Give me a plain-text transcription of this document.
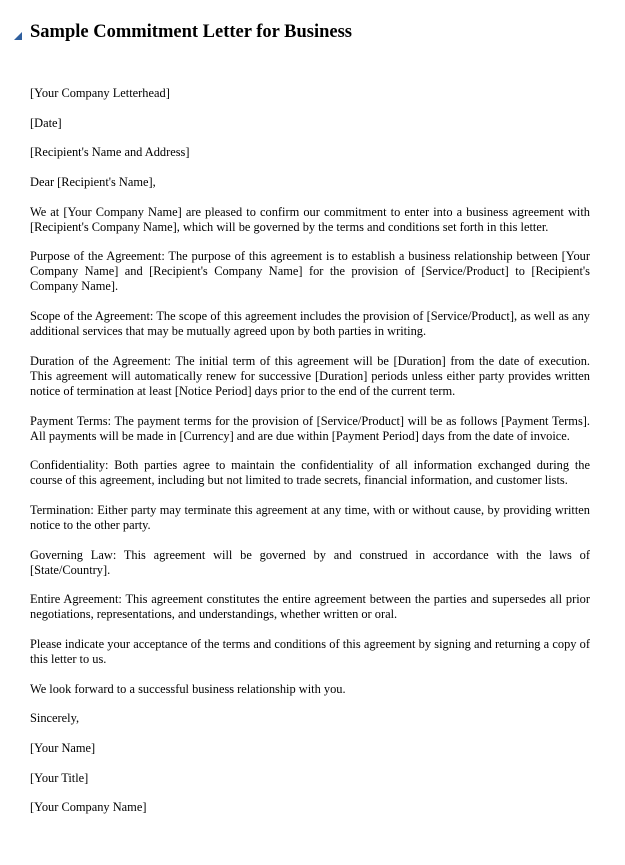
Sample Commitment Letter for Business

[Your Company Letterhead]

[Date]

[Recipient's Name and Address]

Dear [Recipient's Name],

We at [Your Company Name] are pleased to confirm our commitment to enter into a business agreement with [Recipient's Company Name], which will be governed by the terms and conditions set forth in this letter.

Purpose of the Agreement: The purpose of this agreement is to establish a business relationship between [Your Company Name] and [Recipient's Company Name] for the provision of [Service/Product] to [Recipient's Company Name].

Scope of the Agreement: The scope of this agreement includes the provision of [Service/Product], as well as any additional services that may be mutually agreed upon by both parties in writing.

Duration of the Agreement: The initial term of this agreement will be [Duration] from the date of execution. This agreement will automatically renew for successive [Duration] periods unless either party provides written notice of termination at least [Notice Period] days prior to the end of the current term.

Payment Terms: The payment terms for the provision of [Service/Product] will be as follows [Payment Terms]. All payments will be made in [Currency] and are due within [Payment Period] days from the date of invoice.

Confidentiality: Both parties agree to maintain the confidentiality of all information exchanged during the course of this agreement, including but not limited to trade secrets, financial information, and customer lists.

Termination: Either party may terminate this agreement at any time, with or without cause, by providing written notice to the other party.

Governing Law: This agreement will be governed by and construed in accordance with the laws of [State/Country].

Entire Agreement: This agreement constitutes the entire agreement between the parties and supersedes all prior negotiations, representations, and understandings, whether written or oral.

Please indicate your acceptance of the terms and conditions of this agreement by signing and returning a copy of this letter to us.

We look forward to a successful business relationship with you.

Sincerely,

[Your Name]

[Your Title]

[Your Company Name]
